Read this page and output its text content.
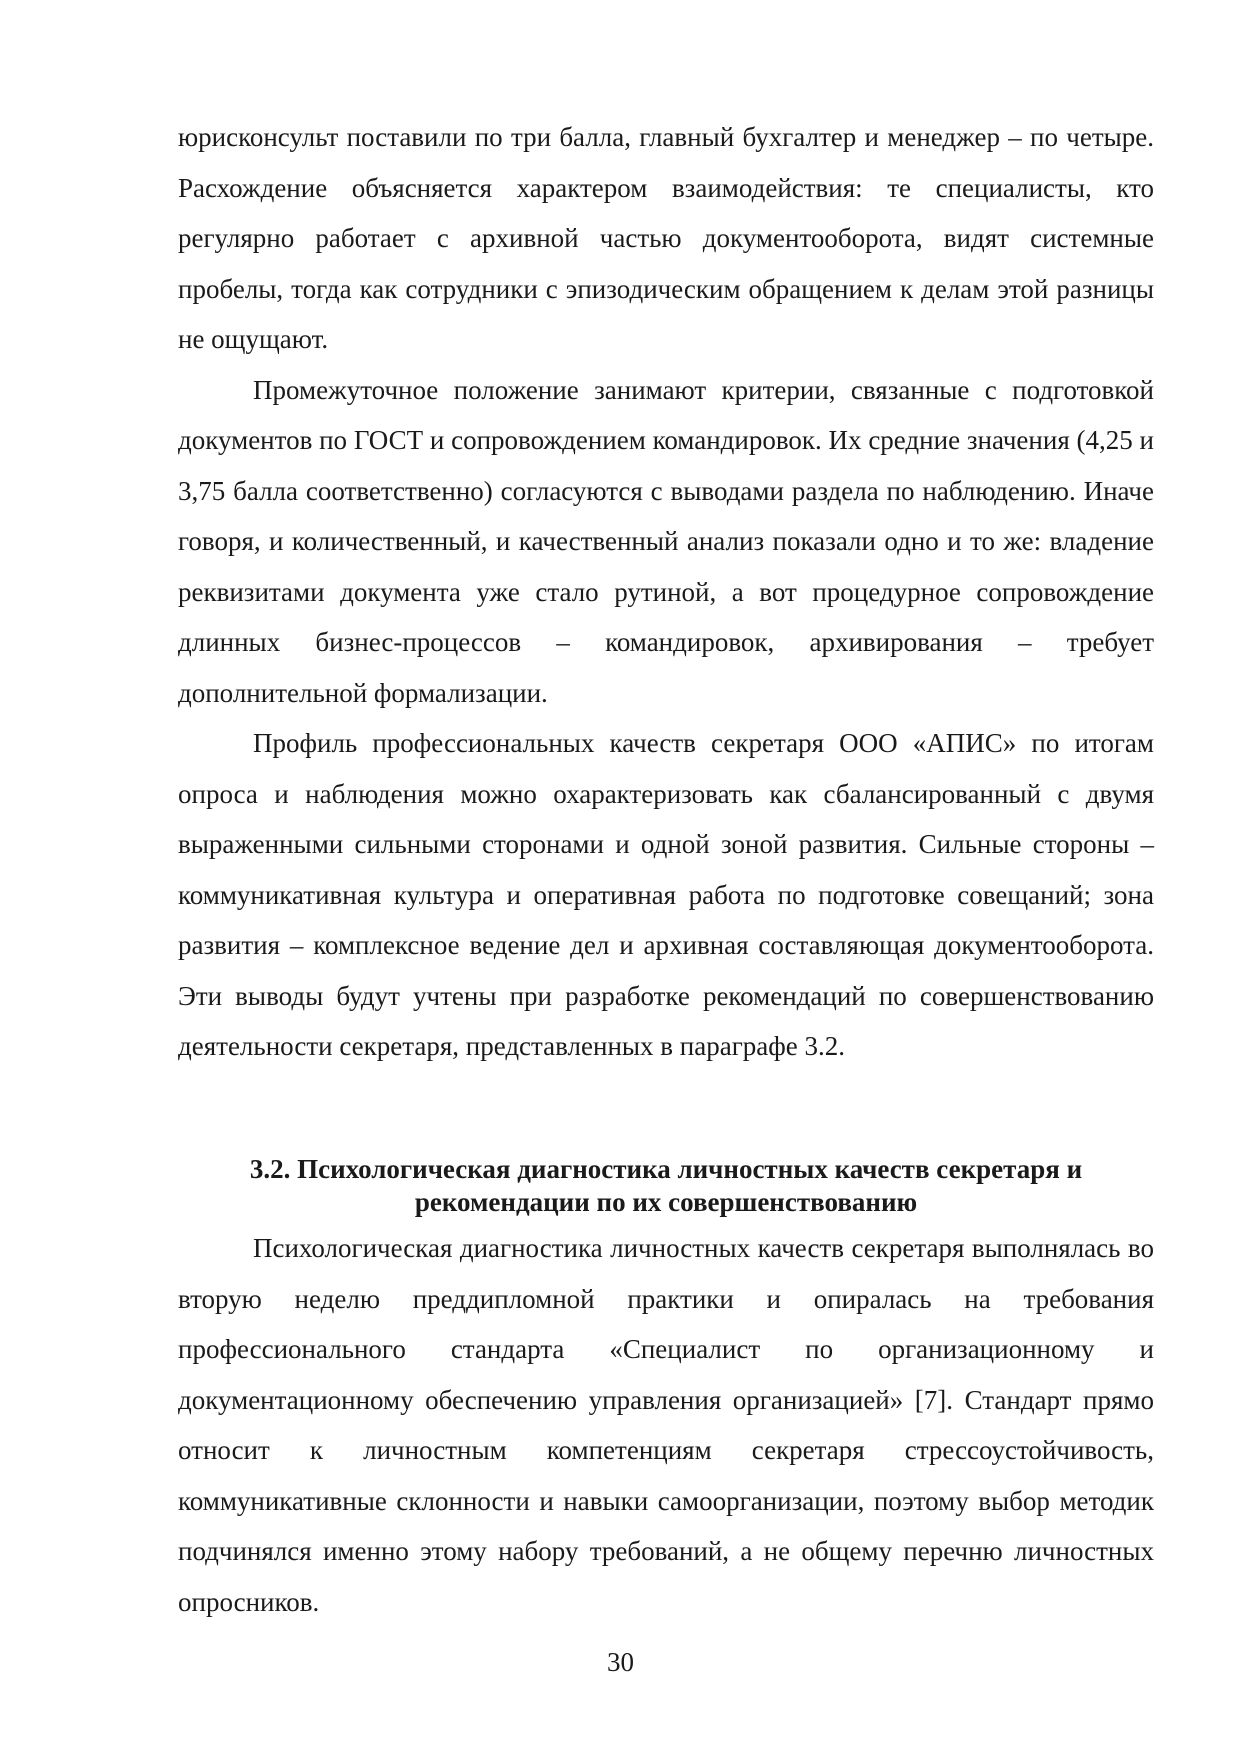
юрисконсульт поставили по три балла, главный бухгалтер и менеджер – по четыре. Расхождение объясняется характером взаимодействия: те специалисты, кто регулярно работает с архивной частью документооборота, видят системные пробелы, тогда как сотрудники с эпизодическим обращением к делам этой разницы не ощущают.

Промежуточное положение занимают критерии, связанные с подготовкой документов по ГОСТ и сопровождением командировок. Их средние значения (4,25 и 3,75 балла соответственно) согласуются с выводами раздела по наблюдению. Иначе говоря, и количественный, и качественный анализ показали одно и то же: владение реквизитами документа уже стало рутиной, а вот процедурное сопровождение длинных бизнес-процессов – командировок, архивирования – требует дополнительной формализации.

Профиль профессиональных качеств секретаря ООО «АПИС» по итогам опроса и наблюдения можно охарактеризовать как сбалансированный с двумя выраженными сильными сторонами и одной зоной развития. Сильные стороны – коммуникативная культура и оперативная работа по подготовке совещаний; зона развития – комплексное ведение дел и архивная составляющая документооборота. Эти выводы будут учтены при разработке рекомендаций по совершенствованию деятельности секретаря, представленных в параграфе 3.2.

3.2. Психологическая диагностика личностных качеств секретаря и
рекомендации по их совершенствованию

Психологическая диагностика личностных качеств секретаря выполнялась во вторую неделю преддипломной практики и опиралась на требования профессионального стандарта «Специалист по организационному и документационному обеспечению управления организацией» [7]. Стандарт прямо относит к личностным компетенциям секретаря стрессоустойчивость, коммуникативные склонности и навыки самоорганизации, поэтому выбор методик подчинялся именно этому набору требований, а не общему перечню личностных опросников.

30
